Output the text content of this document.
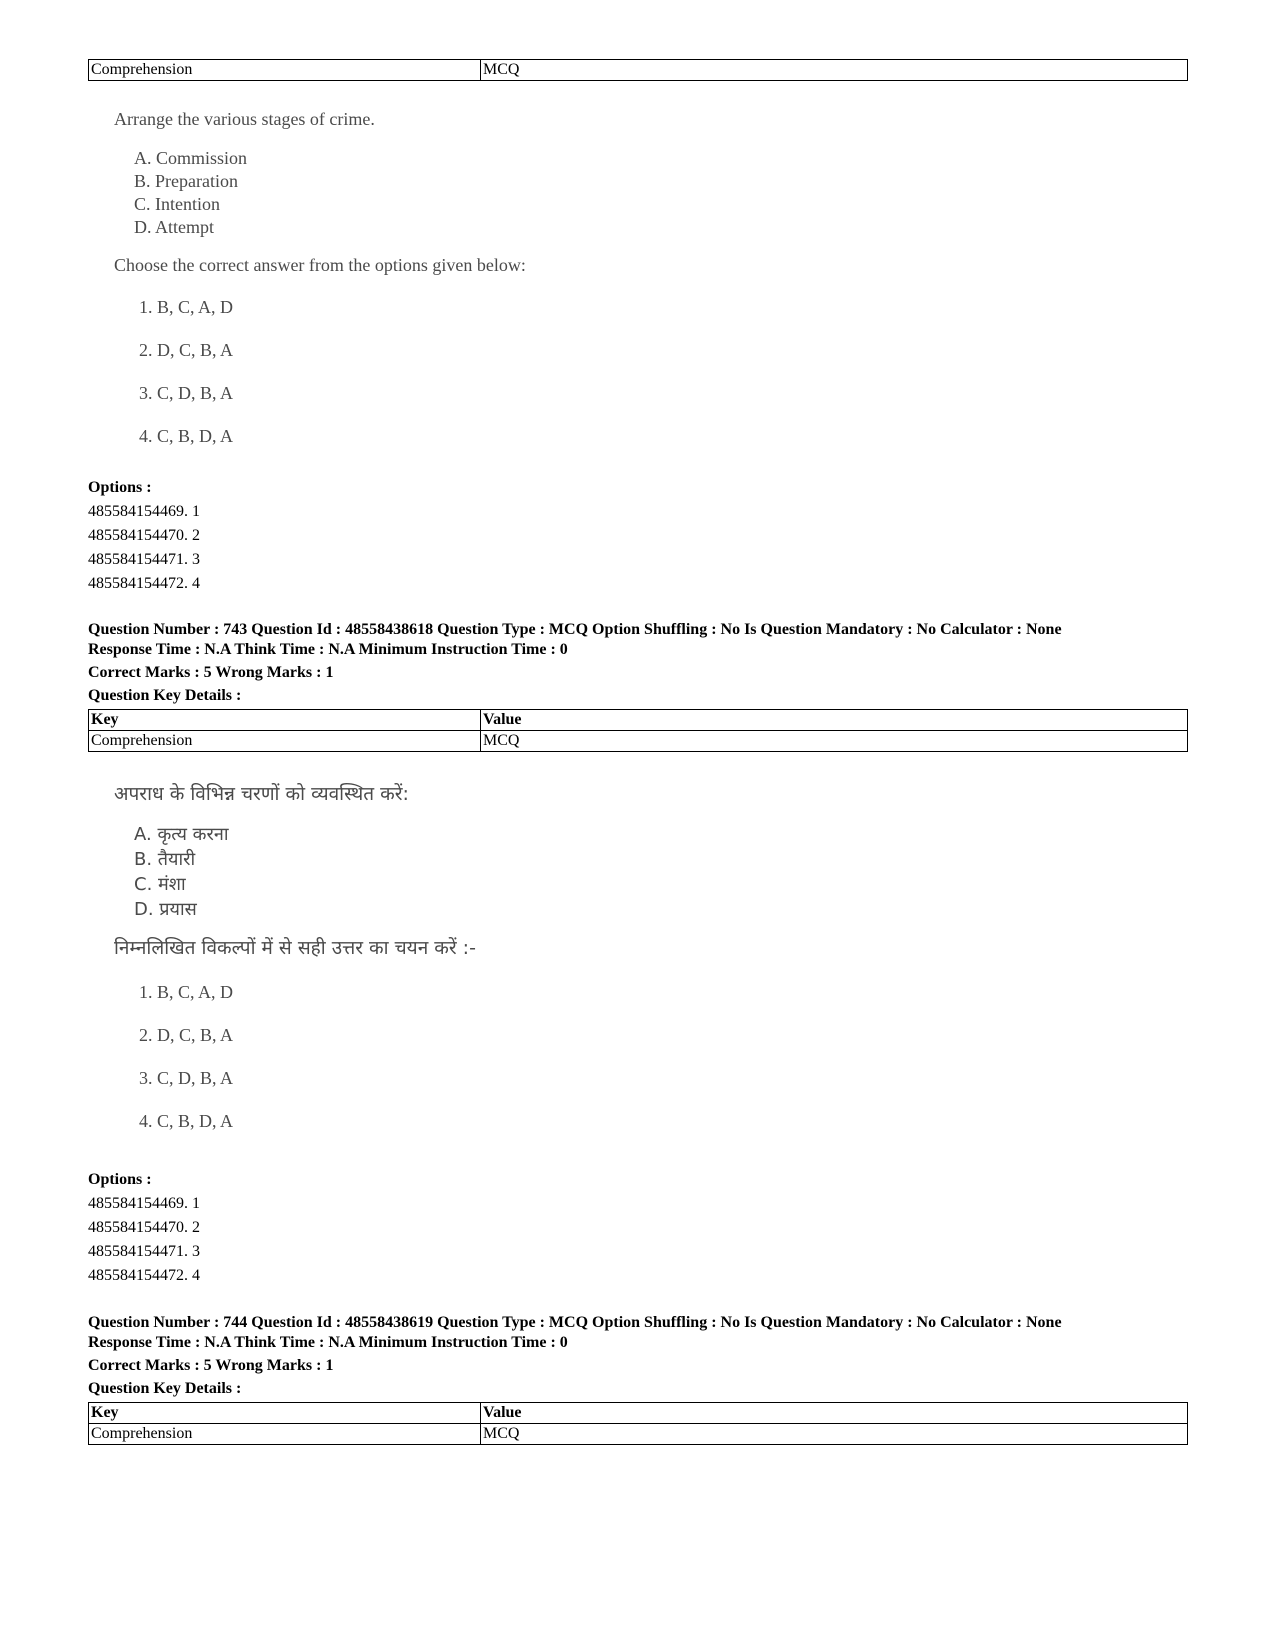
Comprehension	MCQ
Arrange the various stages of crime.
A. Commission
B. Preparation
C. Intention
D. Attempt
Choose the correct answer from the options given below:
1. B, C, A, D
2. D, C, B, A
3. C, D, B, A
4. C, B, D, A
Options :
485584154469. 1
485584154470. 2
485584154471. 3
485584154472. 4
Question Number : 743 Question Id : 48558438618 Question Type : MCQ Option Shuffling : No Is Question Mandatory : No Calculator : None
Response Time : N.A Think Time : N.A Minimum Instruction Time : 0
Correct Marks : 5 Wrong Marks : 1
Question Key Details :
Key	Value
Comprehension	MCQ
अपराध के विभिन्न चरणों को व्यवस्थित करें:
A. कृत्य करना
B. तैयारी
C. मंशा
D. प्रयास
निम्नलिखित विकल्पों में से सही उत्तर का चयन करें :-
1. B, C, A, D
2. D, C, B, A
3. C, D, B, A
4. C, B, D, A
Options :
485584154469. 1
485584154470. 2
485584154471. 3
485584154472. 4
Question Number : 744 Question Id : 48558438619 Question Type : MCQ Option Shuffling : No Is Question Mandatory : No Calculator : None
Response Time : N.A Think Time : N.A Minimum Instruction Time : 0
Correct Marks : 5 Wrong Marks : 1
Question Key Details :
Key	Value
Comprehension	MCQ
